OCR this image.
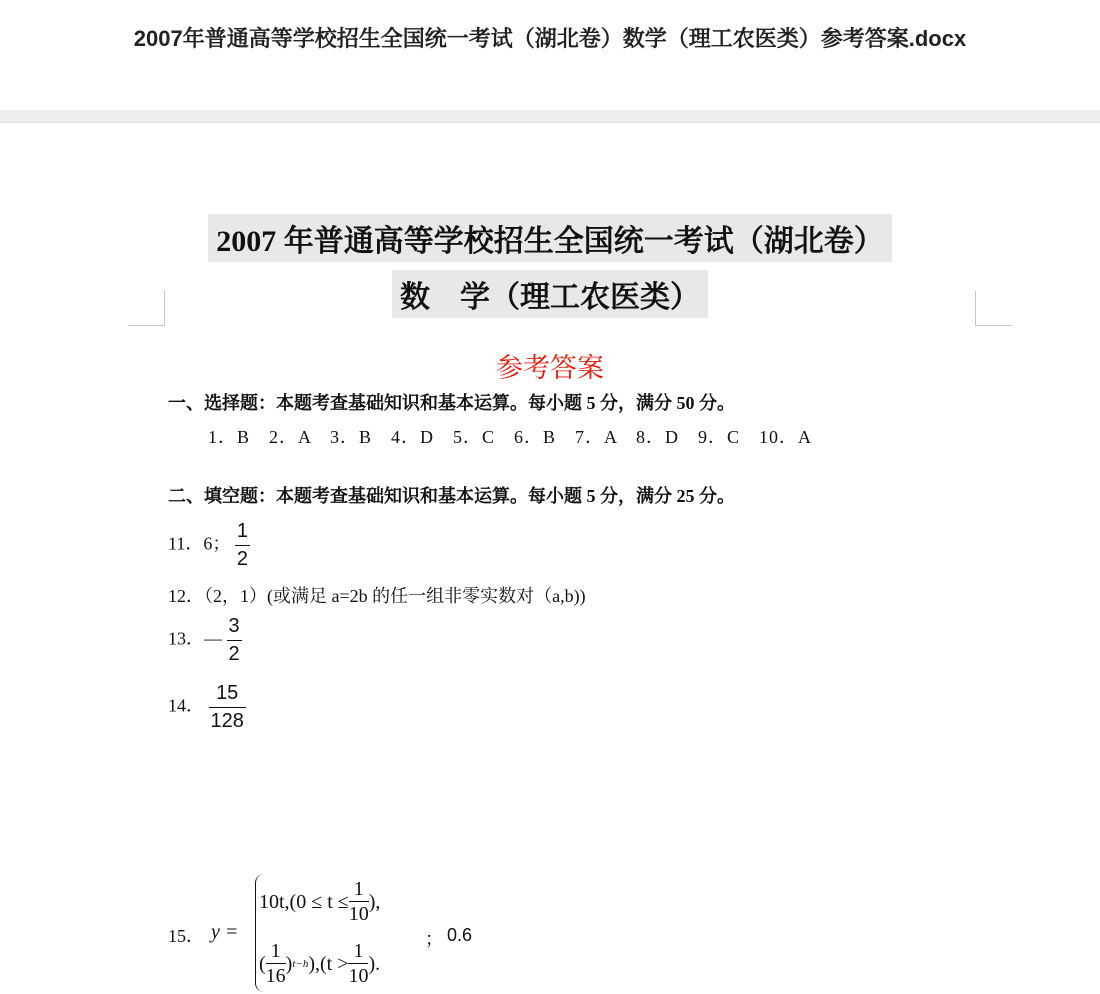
2007年普通高等学校招生全国统一考试（湖北卷）数学（理工农医类）参考答案.docx
2007 年普通高等学校招生全国统一考试（湖北卷）
数　学（理工农医类）
参考答案
一、选择题：本题考查基础知识和基本运算。每小题 5 分，满分 50 分。
1．B　2．A　3．B　4．D　5．C　6．B　7．A　8．D　9．C　10．A
二、填空题：本题考查基础知识和基本运算。每小题 5 分，满分 25 分。
11．6； $\frac{1}{2}$
12．（2，1）(或满足 a=2b 的任一组非零实数对（a,b))
13．— $\frac{3}{2}$
14． $\frac{15}{128}$
15． y =
$10t,(0 \le t \le \frac{1}{10}$ ),
( $\frac{1}{16}$ ) t−h )$,(t > \frac{1}{10}$ ).
； 0.6
